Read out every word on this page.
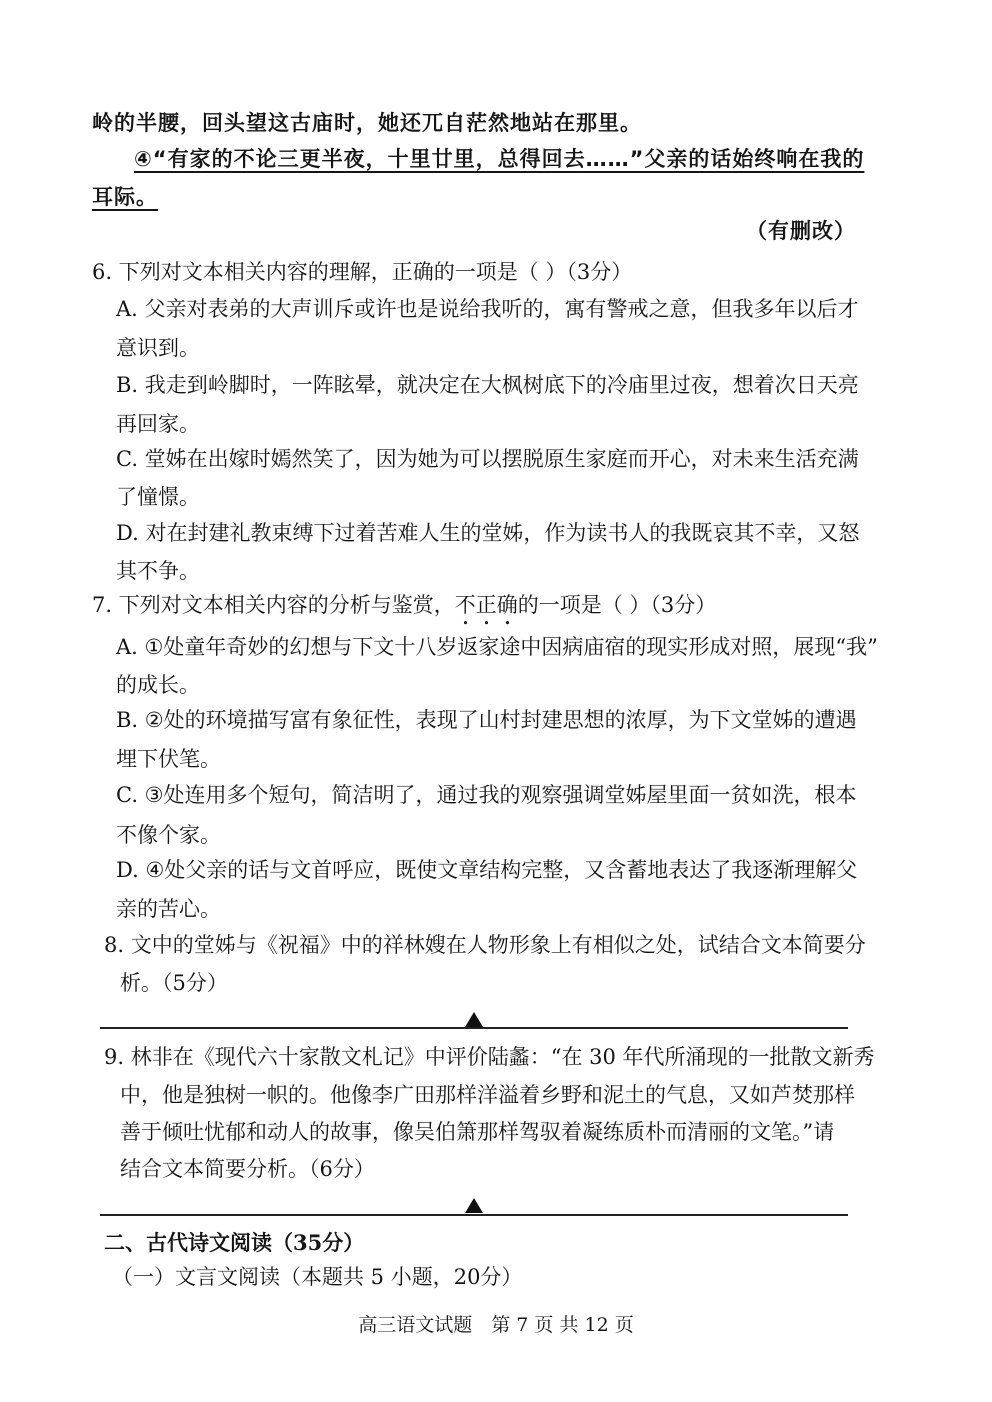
岭的半腰，回头望这古庙时，她还兀自茫然地站在那里。
④“有家的不论三更半夜，十里廿里，总得回去……”父亲的话始终响在我的
耳际。
（有删改）
6. 下列对文本相关内容的理解，正确的一项是（ ）（3分）
A. 父亲对表弟的大声训斥或许也是说给我听的，寓有警戒之意，但我多年以后才
意识到。
B. 我走到岭脚时，一阵眩晕，就决定在大枫树底下的冷庙里过夜，想着次日天亮
再回家。
C. 堂姊在出嫁时嫣然笑了，因为她为可以摆脱原生家庭而开心，对未来生活充满
了憧憬。
D. 对在封建礼教束缚下过着苦难人生的堂姊，作为读书人的我既哀其不幸，又怒
其不争。
7. 下列对文本相关内容的分析与鉴赏，不正确的一项是（ ）（3分）
A. ①处童年奇妙的幻想与下文十八岁返家途中因病庙宿的现实形成对照，展现“我”
的成长。
B. ②处的环境描写富有象征性，表现了山村封建思想的浓厚，为下文堂姊的遭遇
埋下伏笔。
C. ③处连用多个短句，简洁明了，通过我的观察强调堂姊屋里面一贫如洗，根本
不像个家。
D. ④处父亲的话与文首呼应，既使文章结构完整，又含蓄地表达了我逐渐理解父
亲的苦心。
8. 文中的堂姊与《祝福》中的祥林嫂在人物形象上有相似之处，试结合文本简要分
析。（5分）
9. 林非在《现代六十家散文札记》中评价陆蠡：“在 30 年代所涌现的一批散文新秀
中，他是独树一帜的。他像李广田那样洋溢着乡野和泥土的气息，又如芦焚那样
善于倾吐忧郁和动人的故事，像吴伯箫那样驾驭着凝练质朴而清丽的文笔。”请
结合文本简要分析。（6分）
二、古代诗文阅读（35分）
（一）文言文阅读（本题共 5 小题，20分）
高三语文试题　第 7 页 共 12 页
